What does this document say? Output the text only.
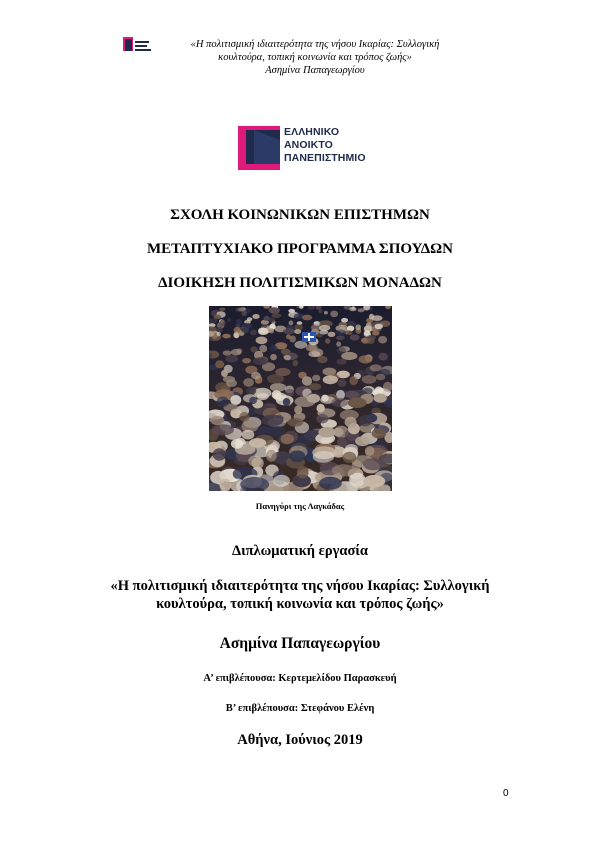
«Η πολιτισμική ιδιαιτερότητα της νήσου Ικαρίας: Συλλογική
κουλτούρα, τοπική κοινωνία και τρόπος ζωής»
Ασημίνα Παπαγεωργίου
ΕΛΛΗΝΙΚΟ
ΑΝΟΙΚΤΟ
ΠΑΝΕΠΙΣΤΗΜΙΟ
ΣΧΟΛΗ ΚΟΙΝΩΝΙΚΩΝ ΕΠΙΣΤΗΜΩΝ
ΜΕΤΑΠΤΥΧΙΑΚΟ ΠΡΟΓΡΑΜΜΑ ΣΠΟΥΔΩΝ
ΔΙΟΙΚΗΣΗ ΠΟΛΙΤΙΣΜΙΚΩΝ ΜΟΝΑΔΩΝ
Πανηγύρι της Λαγκάδας
Διπλωματική εργασία
«Η πολιτισμική ιδιαιτερότητα της νήσου Ικαρίας: Συλλογική
κουλτούρα, τοπική κοινωνία και τρόπος ζωής»
Ασημίνα Παπαγεωργίου
Α’ επιβλέπουσα: Κερτεμελίδου Παρασκευή
Β’ επιβλέπουσα: Στεφάνου Ελένη
Αθήνα, Ιούνιος 2019
0
